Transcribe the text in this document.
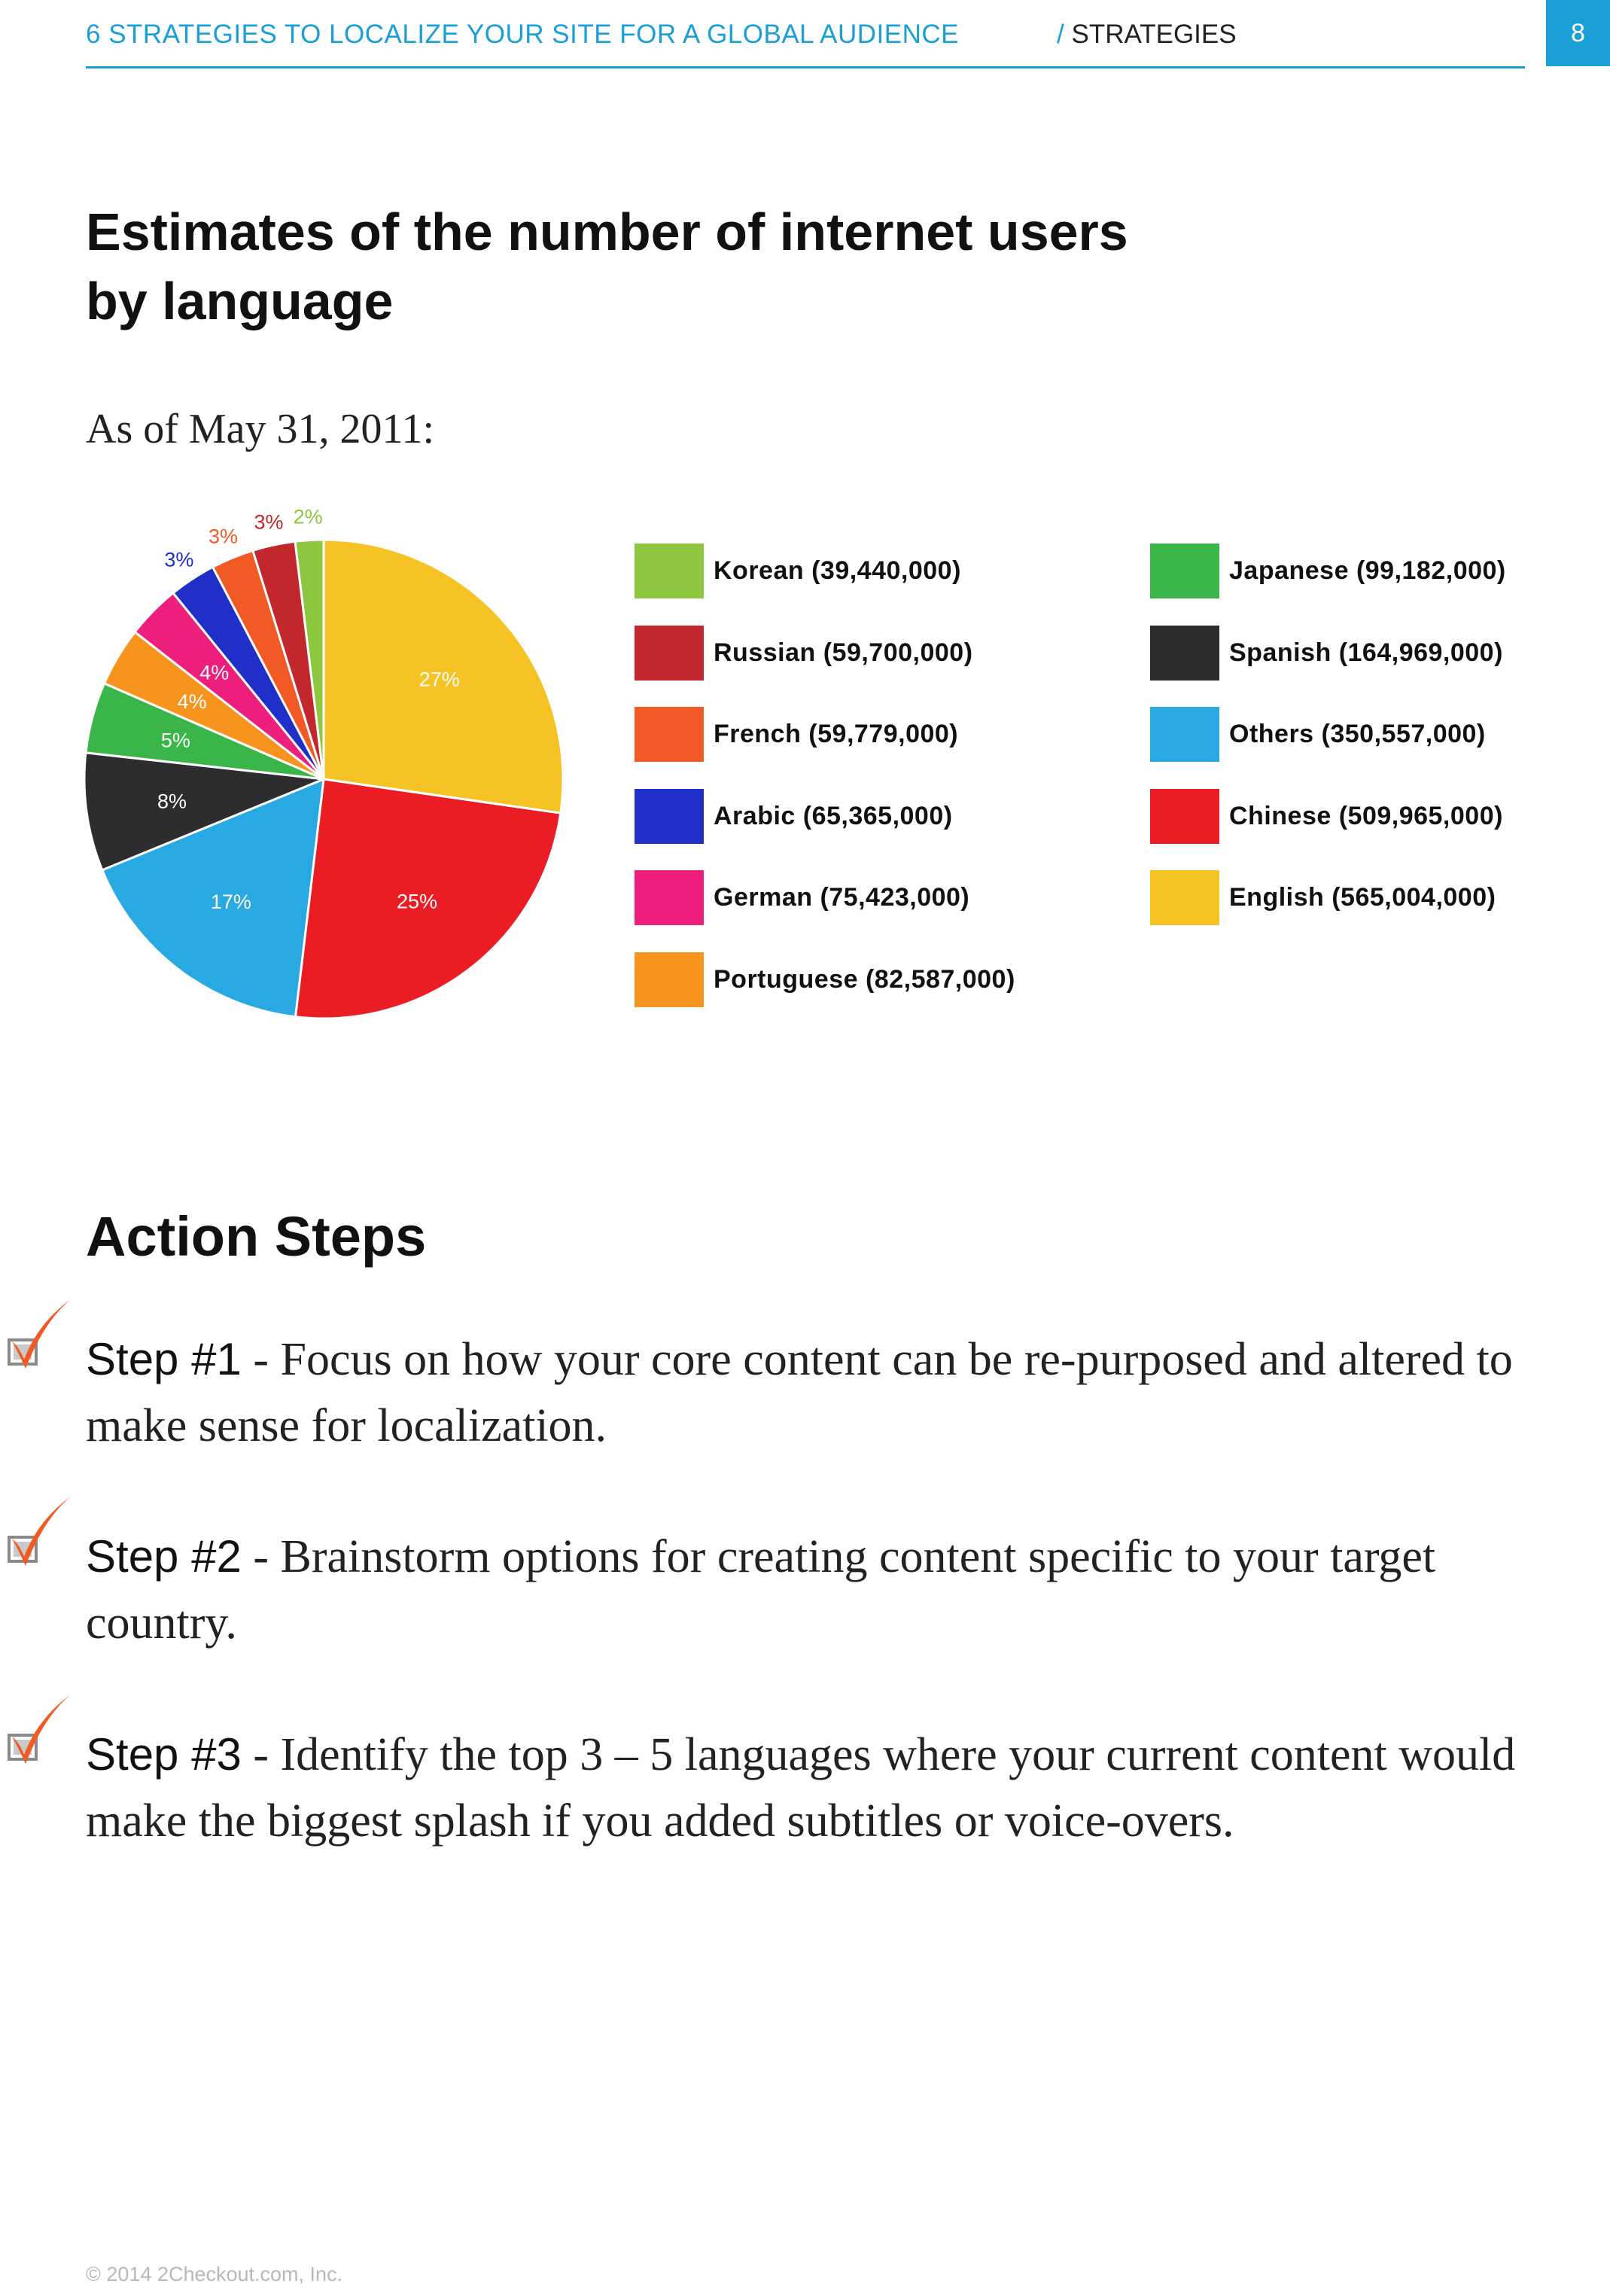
6 STRATEGIES TO LOCALIZE YOUR SITE FOR A GLOBAL AUDIENCE	/ STRATEGIES	8
Estimates of the number of internet users
by language
As of May 31, 2011:
27%
25%
17%
8%
5%
4%
4%
3%
3%
3% 2%
Korean (39,440,000)
Russian (59,700,000)
French (59,779,000)
Arabic (65,365,000)
German (75,423,000)
Portuguese (82,587,000)
Japanese (99,182,000)
Spanish (164,969,000)
Others (350,557,000)
Chinese (509,965,000)
English (565,004,000)
Action Steps
Step #1 - Focus on how your core content can be re-purposed and altered to make sense for localization.
Step #2 - Brainstorm options for creating content specific to your target country.
Step #3 - Identify the top 3 – 5 languages where your current content would make the biggest splash if you added subtitles or voice-overs.
© 2014 2Checkout.com, Inc.
